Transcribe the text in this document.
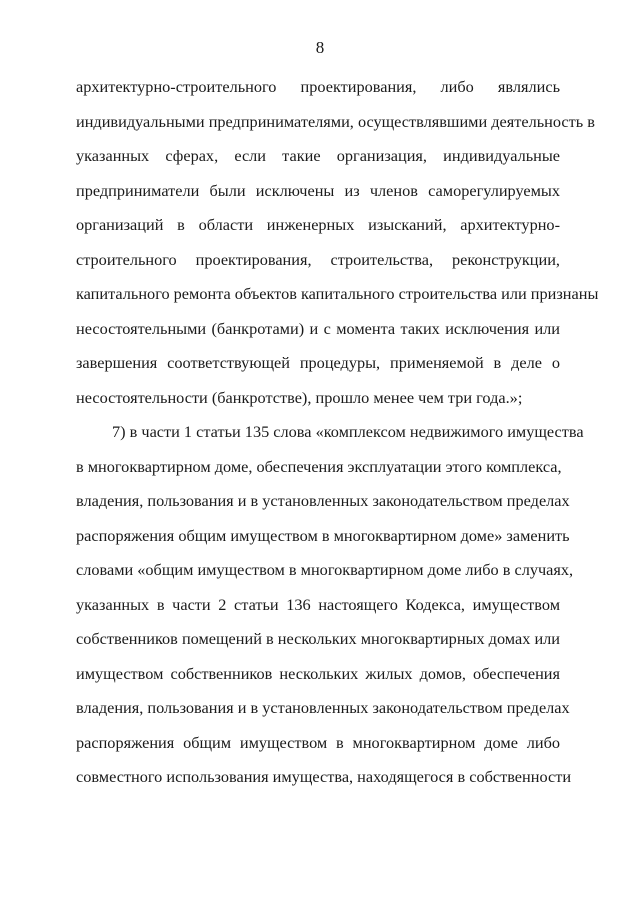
8
архитектурно-строительного проектирования, либо являлись
индивидуальными предпринимателями, осуществлявшими деятельность в
указанных сферах, если такие организация, индивидуальные
предприниматели были исключены из членов саморегулируемых
организаций в области инженерных изысканий, архитектурно-
строительного проектирования, строительства, реконструкции,
капитального ремонта объектов капитального строительства или признаны
несостоятельными (банкротами) и с момента таких исключения или
завершения соответствующей процедуры, применяемой в деле о
несостоятельности (банкротстве), прошло менее чем три года.»;
7) в части 1 статьи 135 слова «комплексом недвижимого имущества
в многоквартирном доме, обеспечения эксплуатации этого комплекса,
владения, пользования и в установленных законодательством пределах
распоряжения общим имуществом в многоквартирном доме» заменить
словами «общим имуществом в многоквартирном доме либо в случаях,
указанных в части 2 статьи 136 настоящего Кодекса, имуществом
собственников помещений в нескольких многоквартирных домах или
имуществом собственников нескольких жилых домов, обеспечения
владения, пользования и в установленных законодательством пределах
распоряжения общим имуществом в многоквартирном доме либо
совместного использования имущества, находящегося в собственности
